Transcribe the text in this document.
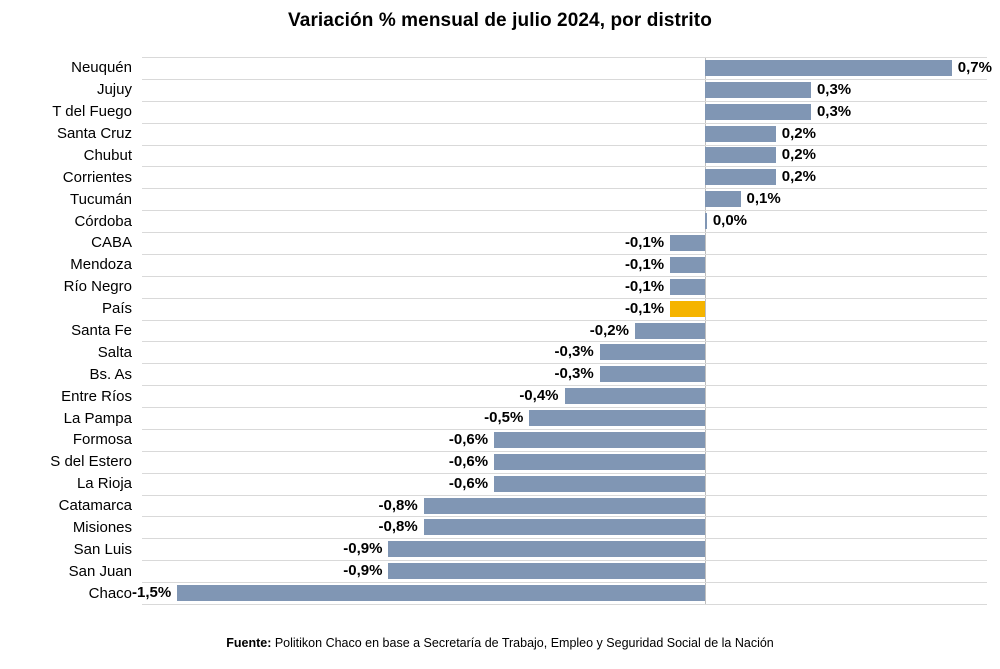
Variación % mensual de julio 2024, por distrito
Neuquén
Jujuy
T del Fuego
Santa Cruz
Chubut
Corrientes
Tucumán
Córdoba
CABA
Mendoza
Río Negro
País
Santa Fe
Salta
Bs. As
Entre Ríos
La Pampa
Formosa
S del Estero
La Rioja
Catamarca
Misiones
San Luis
San Juan
Chaco
0,7%
0,3%
0,3%
0,2%
0,2%
0,2%
0,1%
0,0%
-0,1%
-0,1%
-0,1%
-0,1%
-0,2%
-0,3%
-0,3%
-0,4%
-0,5%
-0,6%
-0,6%
-0,6%
-0,8%
-0,8%
-0,9%
-0,9%
-1,5%
Fuente: Politikon Chaco en base a Secretaría de Trabajo, Empleo y Seguridad Social de la Nación
